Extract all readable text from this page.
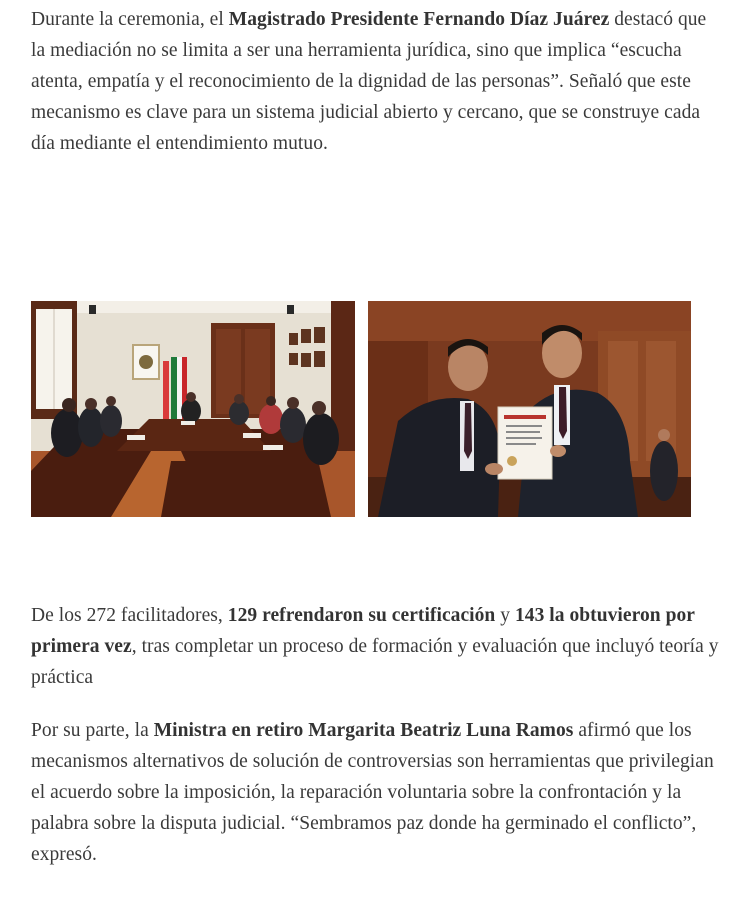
Durante la ceremonia, el Magistrado Presidente Fernando Díaz Juárez destacó que la mediación no se limita a ser una herramienta jurídica, sino que implica “escucha atenta, empatía y el reconocimiento de la dignidad de las personas”. Señaló que este mecanismo es clave para un sistema judicial abierto y cercano, que se construye cada día mediante el entendimiento mutuo.

De los 272 facilitadores, 129 refrendaron su certificación y 143 la obtuvieron por primera vez, tras completar un proceso de formación y evaluación que incluyó teoría y práctica

Por su parte, la Ministra en retiro Margarita Beatriz Luna Ramos afirmó que los mecanismos alternativos de solución de controversias son herramientas que privilegian el acuerdo sobre la imposición, la reparación voluntaria sobre la confrontación y la palabra sobre la disputa judicial. “Sembramos paz donde ha germinado el conflicto”, expresó.
